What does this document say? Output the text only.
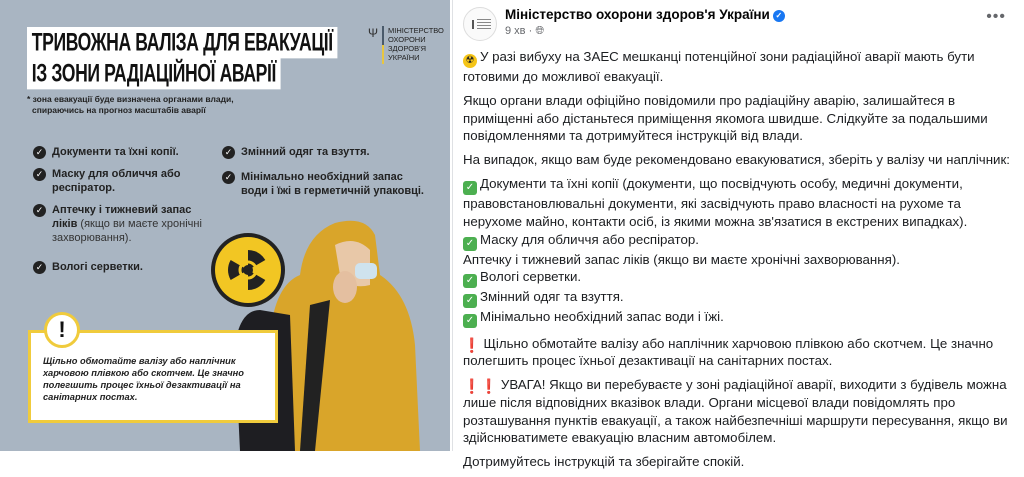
ТРИВОЖНА ВАЛІЗА ДЛЯ ЕВАКУАЦІЇ
ІЗ ЗОНИ РАДІАЦІЙНОЇ АВАРІЇ
Ψ МІНІСТЕРСТВО
ОХОРОНИ
ЗДОРОВ'Я
УКРАЇНИ
* зона евакуації буде визначена органами влади,
спираючись на прогноз масштабів аварії
✓ Документи та їхні копії.
✓ Маску для обличчя або респіратор.
✓ Аптечку і тижневий запас ліків (якщо ви маєте хронічні захворювання).
✓ Вологі серветки.
✓ Змінний одяг та взуття.
✓ Мінімально необхідний запас води і їжі в герметичній упаковці.
Щільно обмотайте валізу або наплічник харчовою плівкою або скотчем. Це значно полегшить процес їхньої дезактивації на санітарних постах.
!
Міністерство охорони здоров'я України ✓
9 хв · 🌐︎
•••

☢ У разі вибуху на ЗАЕС мешканці потенційної зони радіаційної аварії мають бути готовими до можливої евакуації.

Якщо органи влади офіційно повідомили про радіаційну аварію, залишайтеся в приміщенні або дістаньтеся приміщення якомога швидше. Слідкуйте за подальшими повідомленнями та дотримуйтеся інструкцій від влади.

На випадок, якщо вам буде рекомендовано евакуюватися, зберіть у валізу чи наплічник:

✓ Документи та їхні копії (документи, що посвідчують особу, медичні документи, правовстановлювальні документи, які засвідчують право власності на рухоме та нерухоме майно, контакти осіб, із якими можна зв'язатися в екстрених випадках).
✓ Маску для обличчя або респіратор.
Аптечку і тижневий запас ліків (якщо ви маєте хронічні захворювання).
✓ Вологі серветки.
✓ Змінний одяг та взуття.
✓ Мінімально необхідний запас води і їжі.

❗ Щільно обмотайте валізу або наплічник харчовою плівкою або скотчем. Це значно полегшить процес їхньої дезактивації на санітарних постах.

❗❗ УВАГА! Якщо ви перебуваєте у зоні радіаційної аварії, виходити з будівель можна лише після відповідних вказівок влади. Органи місцевої влади повідомлять про розташування пунктів евакуації, а також найбезпечніші маршрути пересування, якщо ви здійснюватимете евакуацію власним автомобілем.

Дотримуйтесь інструкцій та зберігайте спокій.
